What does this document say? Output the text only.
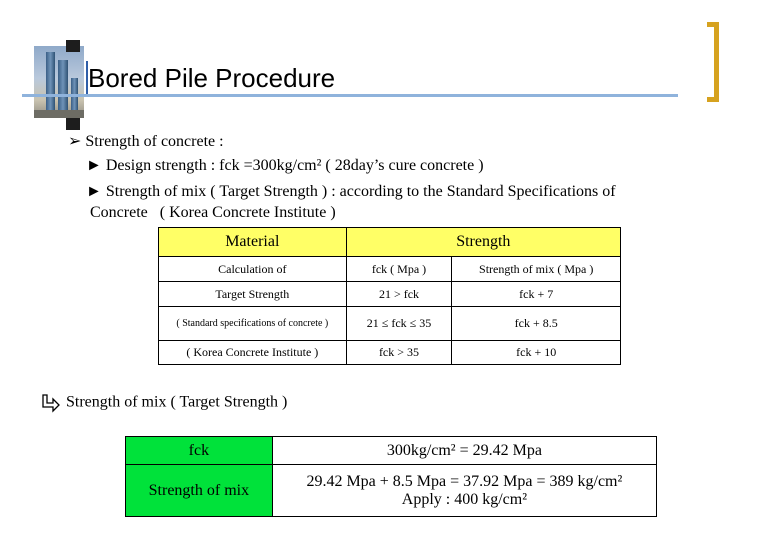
Bored Pile Procedure
➢ Strength of concrete :
► Design strength : fck =300kg/cm² ( 28day’s cure concrete )
► Strength of mix ( Target Strength ) : according to the Standard Specifications of
Concrete   ( Korea Concrete Institute )
Material	Strength	
Calculation of	fck ( Mpa )	Strength of mix ( Mpa )
Target Strength	21 > fck	fck + 7
( Standard specifications of concrete )	21 ≤ fck ≤ 35	fck + 8.5
( Korea Concrete Institute )	fck > 35	fck + 10
Strength of mix ( Target Strength )
fck	300kg/cm² = 29.42 Mpa
Strength of mix	29.42 Mpa + 8.5 Mpa = 37.92 Mpa = 389 kg/cm²
Apply : 400 kg/cm²
